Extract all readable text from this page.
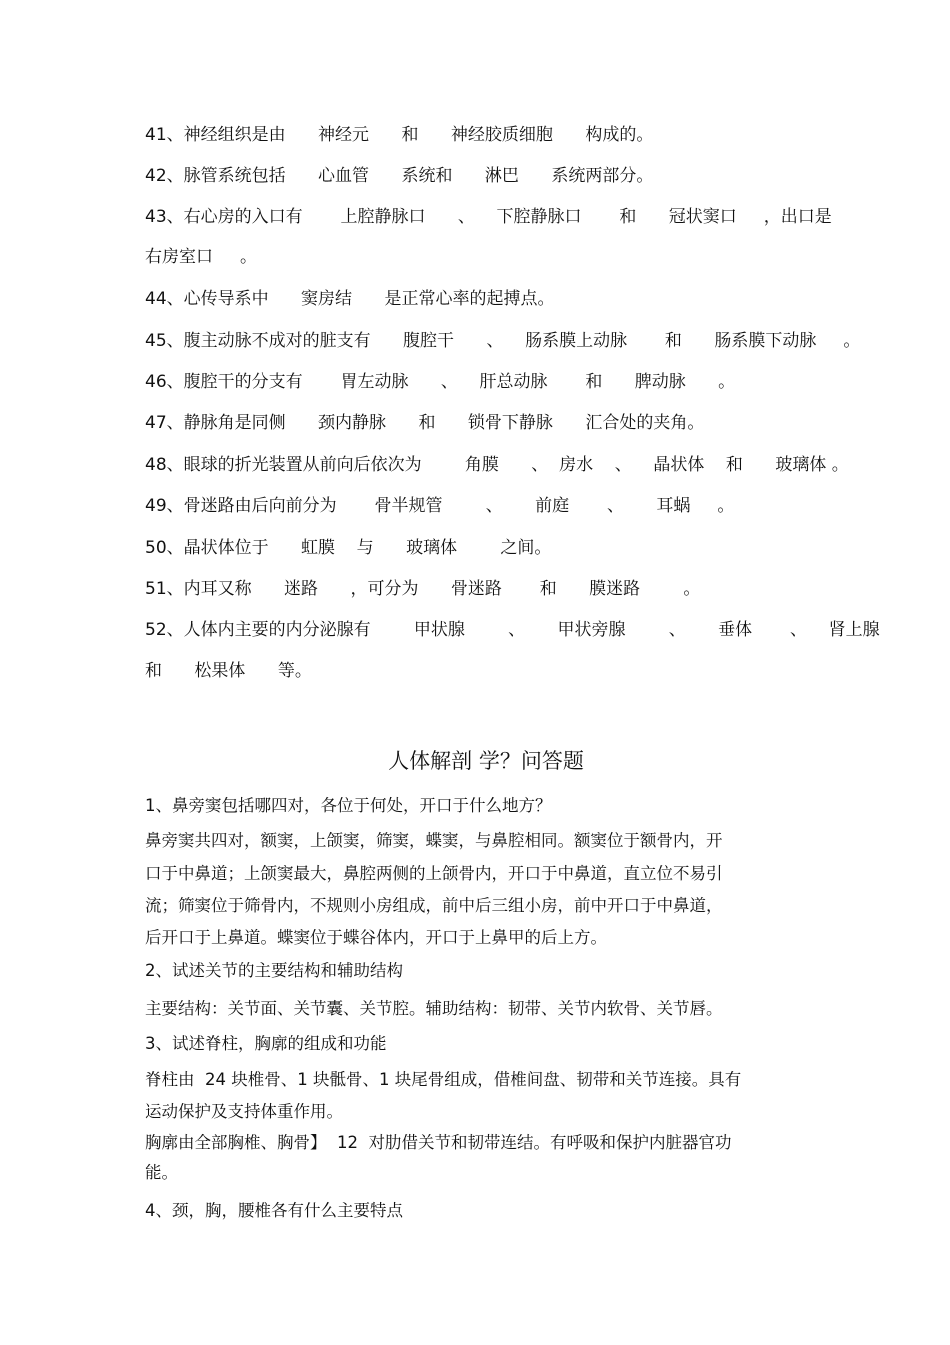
41、神经组织是由      神经元      和      神经胶质细胞      构成的。
42、脉管系统包括      心血管      系统和      淋巴      系统两部分。
43、右心房的入口有       上腔静脉口      、    下腔静脉口       和      冠状窦口     ，出口是
右房室口     。
44、心传导系中      窦房结      是正常心率的起搏点。
45、腹主动脉不成对的脏支有      腹腔干      、    肠系膜上动脉       和      肠系膜下动脉     。
46、腹腔干的分支有       胃左动脉      、    肝总动脉       和      脾动脉      。
47、静脉角是同侧      颈内静脉      和      锁骨下静脉      汇合处的夹角。
48、眼球的折光装置从前向后依次为        角膜      、  房水    、    晶状体    和      玻璃体 。
49、骨迷路由后向前分为       骨半规管        、      前庭       、      耳蜗     。
50、晶状体位于      虹膜    与      玻璃体        之间。
51、内耳又称      迷路      ，可分为      骨迷路       和      膜迷路        。
52、人体内主要的内分泌腺有        甲状腺        、      甲状旁腺        、      垂体       、    肾上腺
和      松果体      等。
人体解剖 学？问答题
1、鼻旁窦包括哪四对，各位于何处，开口于什么地方？
鼻旁窦共四对，额窦，上颌窦，筛窦，蝶窦，与鼻腔相同。额窦位于额骨内，开
口于中鼻道；上颌窦最大，鼻腔两侧的上颌骨内，开口于中鼻道，直立位不易引
流；筛窦位于筛骨内，不规则小房组成，前中后三组小房，前中开口于中鼻道，
后开口于上鼻道。蝶窦位于蝶谷体内，开口于上鼻甲的后上方。
2、试述关节的主要结构和辅助结构
主要结构：关节面、关节囊、关节腔。辅助结构：韧带、关节内软骨、关节唇。
3、试述脊柱，胸廓的组成和功能
脊柱由  24 块椎骨、1 块骶骨、1 块尾骨组成，借椎间盘、韧带和关节连接。具有
运动保护及支持体重作用。
胸廓由全部胸椎、胸骨】  12  对肋借关节和韧带连结。有呼吸和保护内脏器官功
能。
4、颈，胸，腰椎各有什么主要特点
